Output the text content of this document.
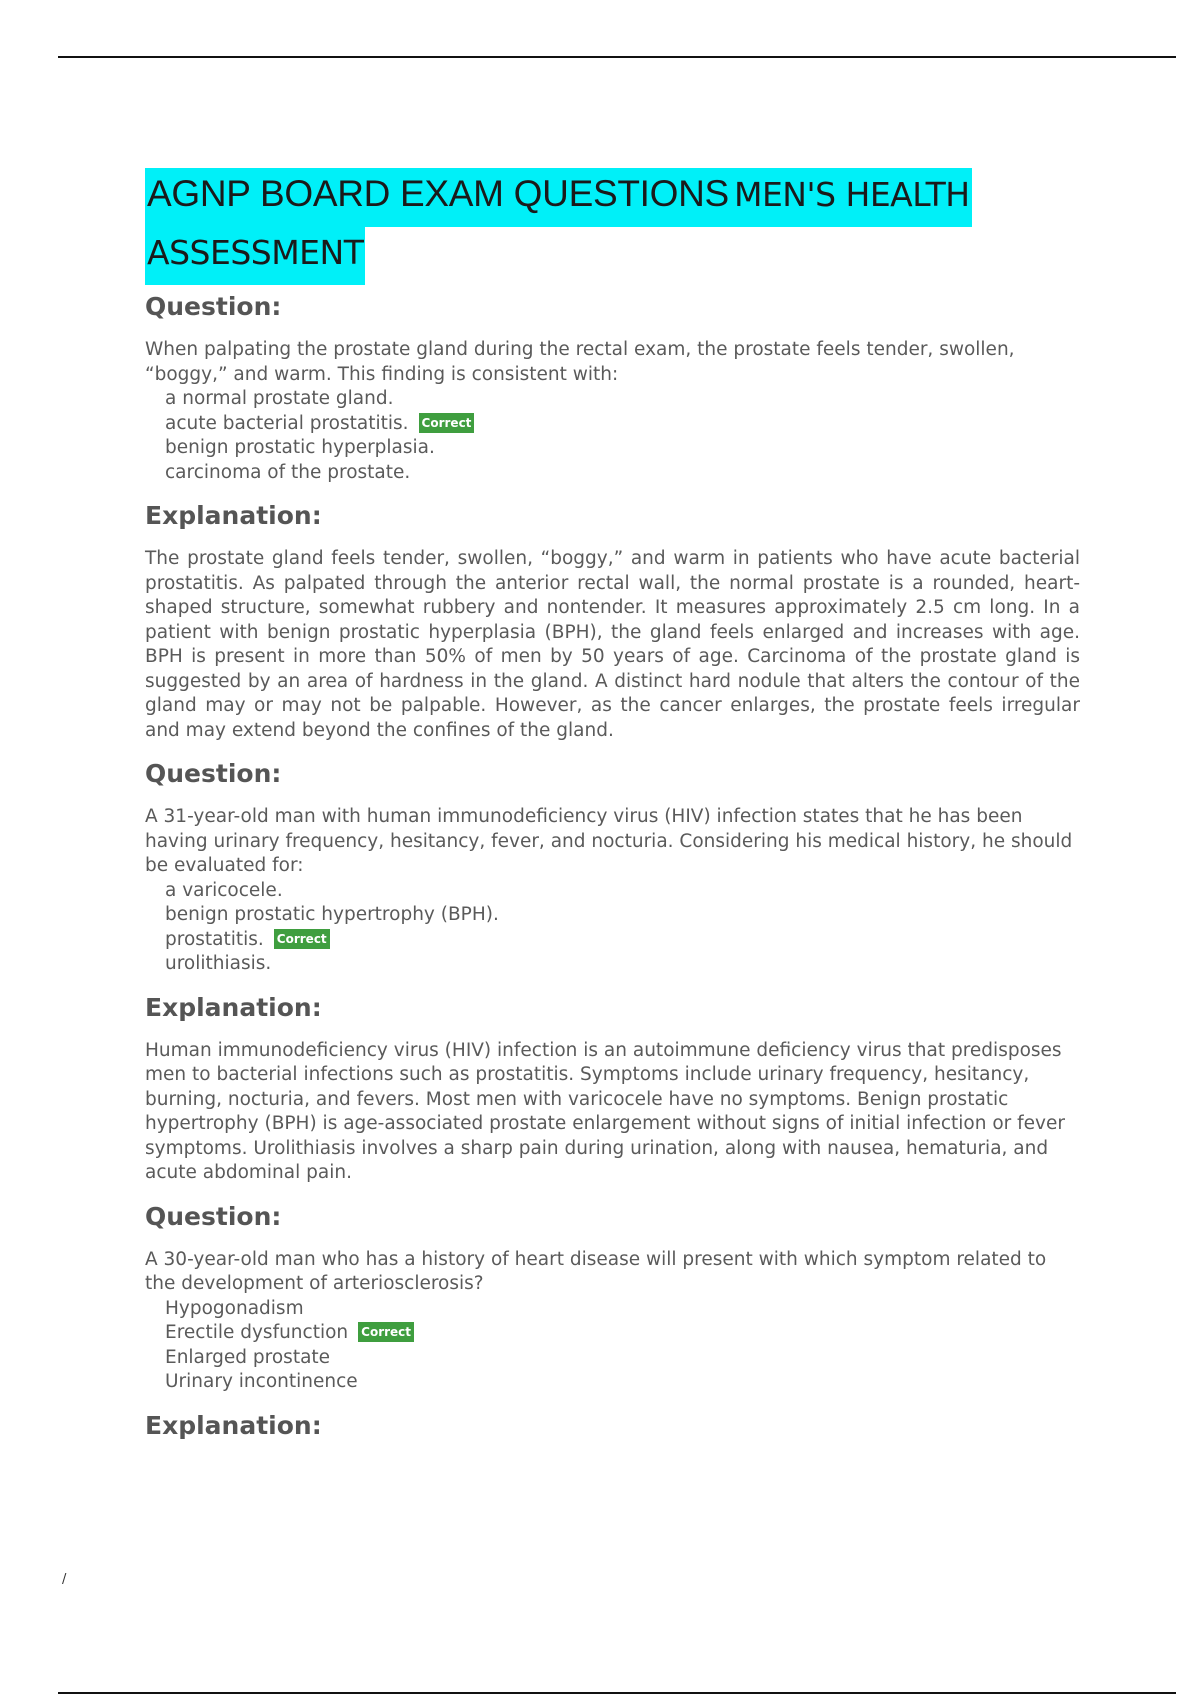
AGNP BOARD EXAM QUESTIONS MEN'S HEALTH
ASSESSMENT
Question:

When palpating the prostate gland during the rectal exam, the prostate feels tender, swollen, “boggy,” and warm. This finding is consistent with:

a normal prostate gland.
acute bacterial prostatitis. Correct
benign prostatic hyperplasia.
carcinoma of the prostate.
Explanation:

The prostate gland feels tender, swollen, “boggy,” and warm in patients who have acute bacterial prostatitis. As palpated through the anterior rectal wall, the normal prostate is a rounded, heart-shaped structure, somewhat rubbery and nontender. It measures approximately 2.5 cm long. In a patient with benign prostatic hyperplasia (BPH), the gland feels enlarged and increases with age. BPH is present in more than 50% of men by 50 years of age. Carcinoma of the prostate gland is suggested by an area of hardness in the gland. A distinct hard nodule that alters the contour of the gland may or may not be palpable. However, as the cancer enlarges, the prostate feels irregular and may extend beyond the confines of the gland.

Question:

A 31-year-old man with human immunodeficiency virus (HIV) infection states that he has been having urinary frequency, hesitancy, fever, and nocturia. Considering his medical history, he should be evaluated for:

a varicocele.
benign prostatic hypertrophy (BPH).
prostatitis. Correct
urolithiasis.
Explanation:

Human immunodeficiency virus (HIV) infection is an autoimmune deficiency virus that predisposes men to bacterial infections such as prostatitis. Symptoms include urinary frequency, hesitancy, burning, nocturia, and fevers. Most men with varicocele have no symptoms. Benign prostatic hypertrophy (BPH) is age-associated prostate enlargement without signs of initial infection or fever symptoms. Urolithiasis involves a sharp pain during urination, along with nausea, hematuria, and acute abdominal pain.

Question:

A 30-year-old man who has a history of heart disease will present with which symptom related to the development of arteriosclerosis?

Hypogonadism
Erectile dysfunction Correct
Enlarged prostate
Urinary incontinence
Explanation:

/
